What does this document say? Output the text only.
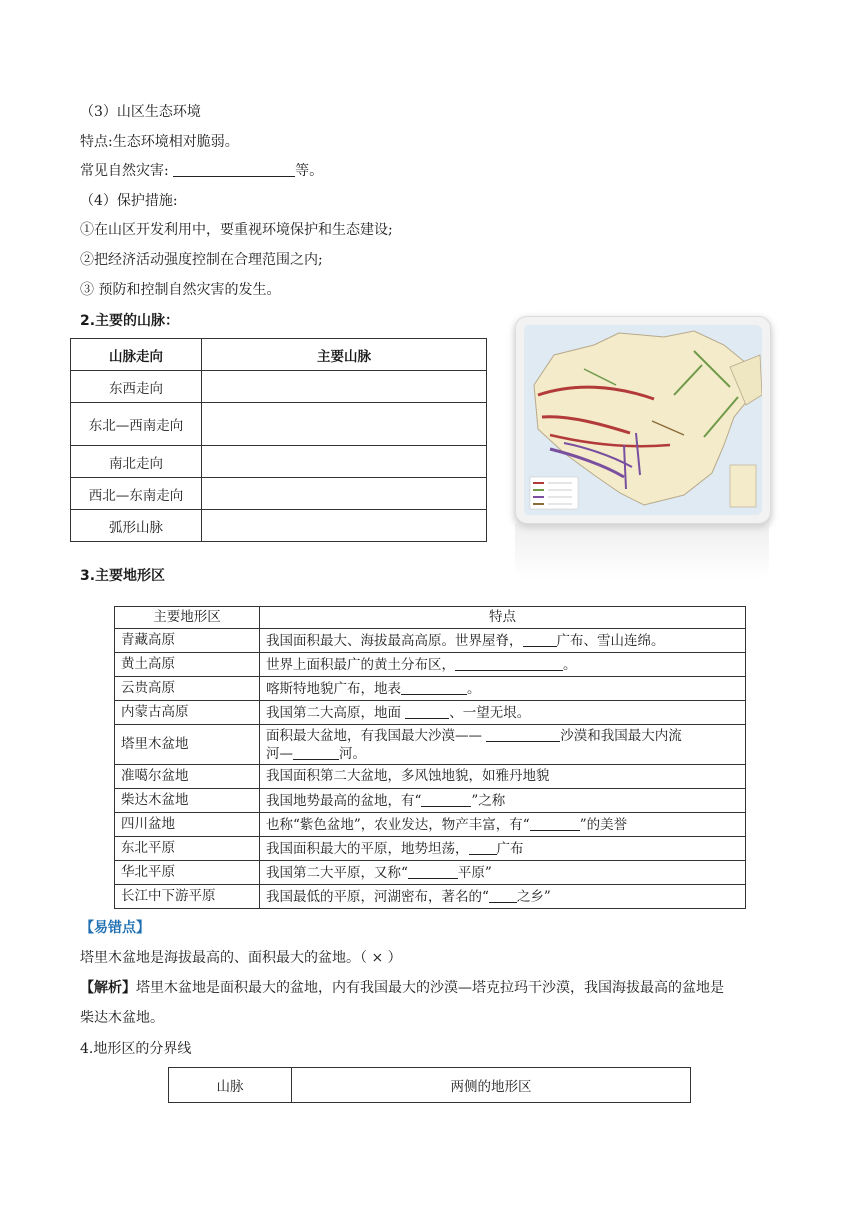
（3）山区生态环境
特点:生态环境相对脆弱。
常见自然灾害:	等。
（4）保护措施:
①在山区开发利用中，要重视环境保护和生态建设;
②把经济活动强度控制在合理范围之内;
③ 预防和控制自然灾害的发生。
2.主要的山脉：
山脉走向	主要山脉
东西走向	
东北—西南走向	
南北走向	
西北—东南走向	
弧形山脉	
3.主要地形区
主要地形区	特点
青藏高原	我国面积最大、海拔最高高原。世界屋脊， 广布、雪山连绵。
黄土高原	世界上面积最广的黄土分布区， 。
云贵高原	喀斯特地貌广布，地表 。
内蒙古高原	我国第二大高原，地面 、一望无垠。
塔里木盆地	面积最大盆地，有我国最大沙漠—— 沙漠和我国最大内流
河— 河。
准噶尔盆地	我国面积第二大盆地，多风蚀地貌，如雅丹地貌
柴达木盆地	我国地势最高的盆地，有“ ”之称
四川盆地	也称“紫色盆地”，农业发达，物产丰富，有“ ”的美誉
东北平原	我国面积最大的平原，地势坦荡， 广布
华北平原	我国第二大平原，又称“ 平原”
长江中下游平原	我国最低的平原，河湖密布，著名的“ 之乡”
【易错点】
塔里木盆地是海拔最高的、面积最大的盆地。（ × ）
【解析】塔里木盆地是面积最大的盆地，内有我国最大的沙漠—塔克拉玛干沙漠，我国海拔最高的盆地是
柴达木盆地。
4.地形区的分界线
山脉	两侧的地形区
